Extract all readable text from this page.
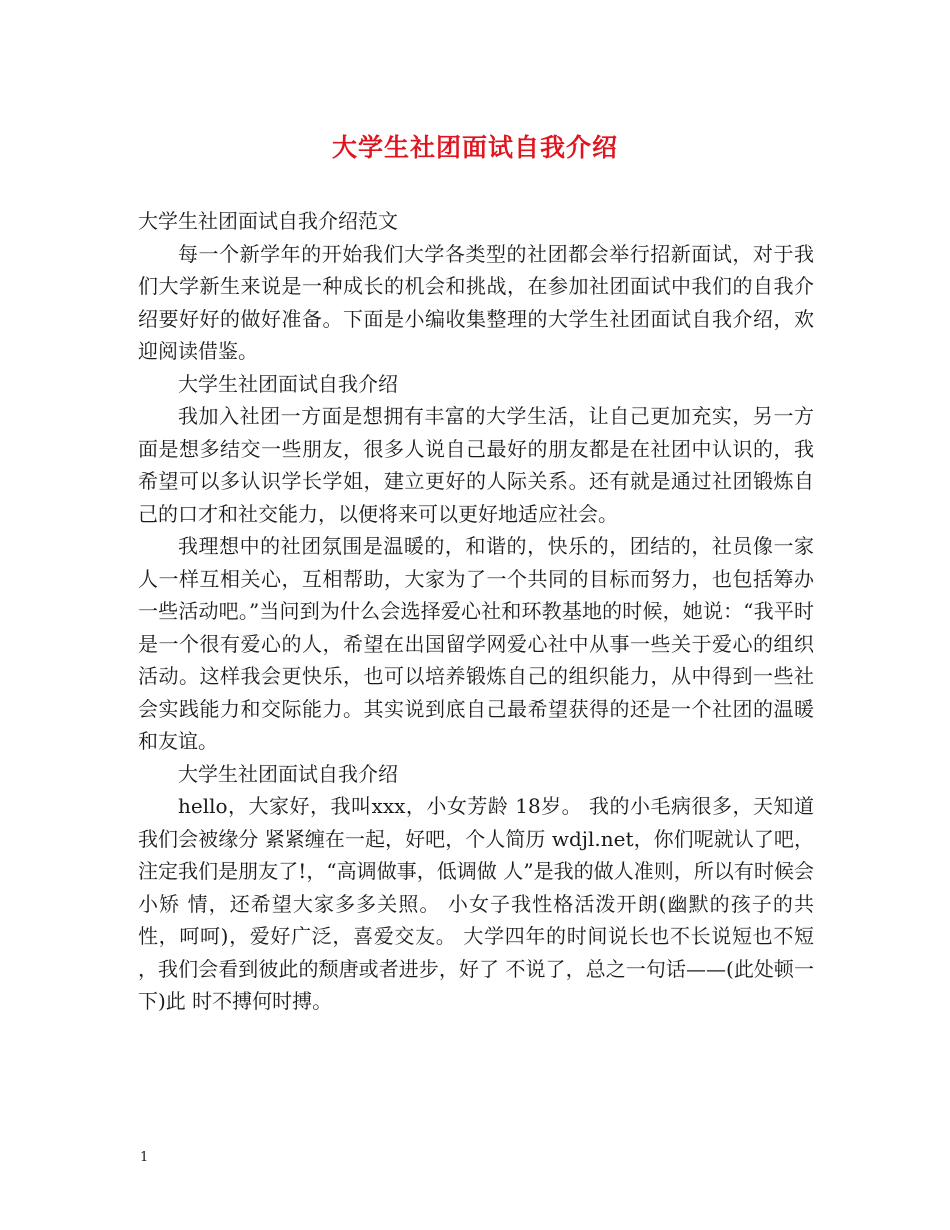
大学生社团面试自我介绍

大学生社团面试自我介绍范文

每一个新学年的开始我们大学各类型的社团都会举行招新面试，对于我们大学新生来说是一种成长的机会和挑战，在参加社团面试中我们的自我介绍要好好的做好准备。下面是小编收集整理的大学生社团面试自我介绍，欢迎阅读借鉴。

大学生社团面试自我介绍

我加入社团一方面是想拥有丰富的大学生活，让自己更加充实，另一方面是想多结交一些朋友，很多人说自己最好的朋友都是在社团中认识的，我希望可以多认识学长学姐，建立更好的人际关系。还有就是通过社团锻炼自己的口才和社交能力，以便将来可以更好地适应社会。

我理想中的社团氛围是温暖的，和谐的，快乐的，团结的，社员像一家人一样互相关心，互相帮助，大家为了一个共同的目标而努力，也包括筹办一些活动吧。”当问到为什么会选择爱心社和环教基地的时候，她说：“我平时是一个很有爱心的人，希望在出国留学网爱心社中从事一些关于爱心的组织活动。这样我会更快乐，也可以培养锻炼自己的组织能力，从中得到一些社会实践能力和交际能力。其实说到底自己最希望获得的还是一个社团的温暖和友谊。

大学生社团面试自我介绍

hello，大家好，我叫xxx，小女芳龄 18岁。 我的小毛病很多，天知道我们会被缘分 紧紧缠在一起，好吧，个人简历 wdjl.net，你们呢就认了吧， 注定我们是朋友了!，“高调做事，低调做 人”是我的做人准则，所以有时候会小矫 情，还希望大家多多关照。 小女子我性格活泼开朗(幽默的孩子的共 性，呵呵)，爱好广泛，喜爱交友。 大学四年的时间说长也不长说短也不短 ，我们会看到彼此的颓唐或者进步，好了 不说了，总之一句话——(此处顿一下)此 时不搏何时搏。

1
